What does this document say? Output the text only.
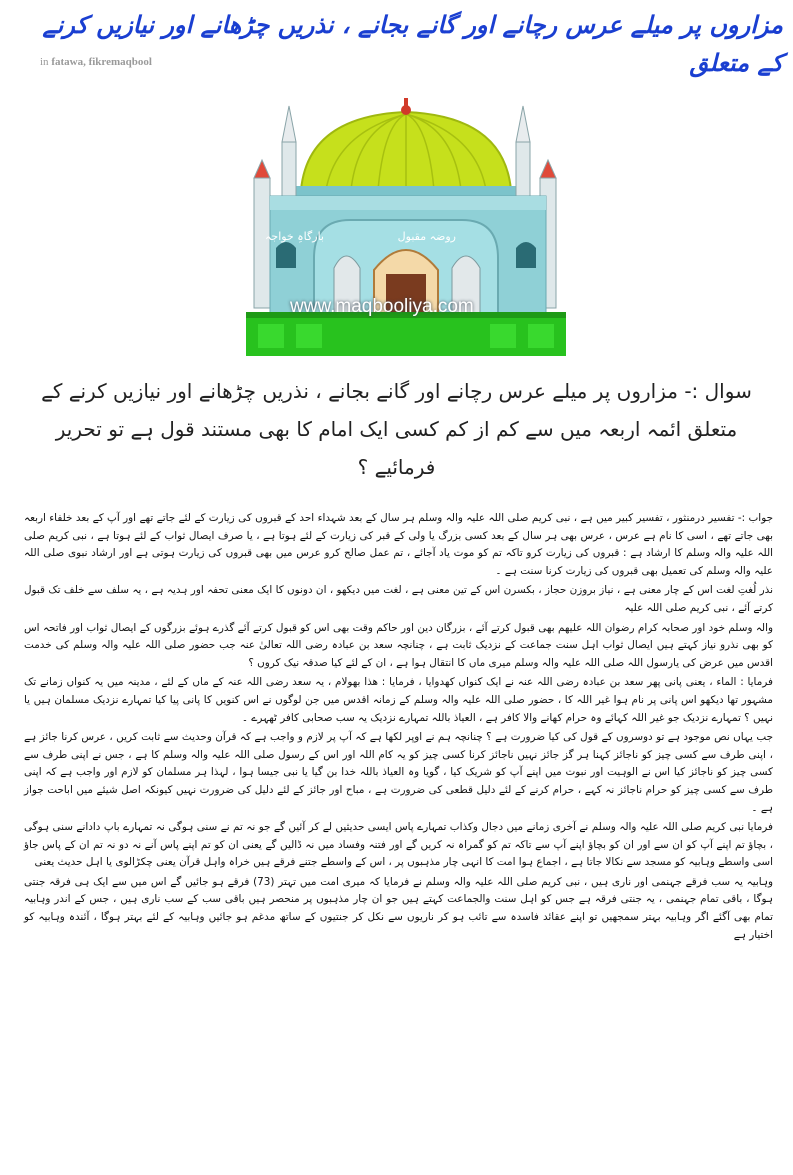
مزاروں پر میلے عرس رچانے اور گانے بجانے ، نذریں چڑھانے اور نیازیں کرنے کے متعلق
in fatawa, fikremaqbool
بارگاہِ خواجہ	روضہ مقبول
www.maqbooliya.com
سوال :- مزاروں پر میلے عرس رچانے اور گانے بجانے ، نذریں چڑھانے اور نیازیں کرنے کے متعلق ائمہ اربعہ میں سے کم از کم کسی ایک امام کا بھی مستند قول ہے تو تحریر فرمائیے ؟

جواب :- تفسیر درمنثور ، تفسیر کبیر میں ہے ، نبی کریم صلی اللہ علیہ والہ وسلم ہر سال کے بعد شہداء احد کے قبروں کی زیارت کے لئے جاتے تھے اور آپ کے بعد خلفاء اربعہ بھی جاتے تھے ، اسی کا نام ہے عرس ، عرس بھی ہر سال کے بعد کسی بزرگ یا ولی کے قبر کی زیارت کے لئے ہوتا ہے ، یا صرف ایصال ثواب کے لئے ہوتا ہے ، نبی کریم صلی اللہ علیہ والہ وسلم کا ارشاد ہے : قبروں کی زیارت کرو تاکہ تم کو موت یاد آجائے ، تم عمل صالح کرو عرس میں بھی قبروں کی زیارت ہوتی ہے اور ارشاد نبوی صلی اللہ علیہ والہ وسلم کی تعمیل بھی قبروں کی زیارت کرنا سنت ہے ۔

نذر لُغتِ لغت اس کے چار معنی ہے ، نیاز بروزن حجاز ، بکسرن اس کے تین معنی ہے ، لغت میں دیکھو ، ان دونوں کا ایک معنی تحفہ اور ہدیہ ہے ، یہ سلف سے خلف تک قبول کرتے آئے ، نبی کریم صلی اللہ علیہ

والہ وسلم خود اور صحابہ کرام رضوان اللہ علیھم بھی قبول کرتے آئے ، بزرگان دین اور حاکم وقت بھی اس کو قبول کرتے آئے گذرے ہوئے بزرگوں کے ایصال ثواب اور فاتحہ اس کو بھی نذرو نیاز کہتے ہیں ایصال ثواب اہل سنت جماعت کے نزدیک ثابت ہے ، چنانچہ سعد بن عبادہ رضی اللہ تعالیٰ عنہ جب حضور صلی اللہ علیہ والہ وسلم کی خدمت اقدس میں عرض کی یارسول اللہ صلی اللہ علیہ والہ وسلم میری ماں کا انتقال ہوا ہے ، ان کے لئے کیا صدقہ نیک کروں ؟

فرمایا : الماء ، یعنی پانی پھر سعد بن عبادہ رضی اللہ عنہ نے ایک کنواں کھدوایا ، فرمایا : ھذا بھولام ، یہ سعد رضی اللہ عنہ کے ماں کے لئے ، مدینہ میں یہ کنواں زمانے تک مشہور تھا دیکھو اس پانی پر نام ہوا غیر اللہ کا ، حضور صلی اللہ علیہ والہ وسلم کے زمانہ اقدس میں جن لوگوں نے اس کنویں کا پانی پیا کیا تمہارے نزدیک مسلمان ہیں یا نہیں ؟ تمہارے نزدیک جو غیر اللہ کہائے وہ حرام کھانے والا کافر ہے ، العیاذ باللہ تمہارے نزدیک یہ سب صحابی کافر ٹھہرے ۔

جب یہاں نص موجود ہے تو دوسروں کے قول کی کیا ضرورت ہے ؟ چنانچہ ہم نے اوپر لکھا ہے کہ آپ پر لازم و واجب ہے کہ قرآن وحدیث سے ثابت کریں ، عرس کرنا جائز ہے ، اپنی طرف سے کسی چیز کو ناجائز کہنا ہر گز جائز نہیں ناجائز کرنا کسی چیز کو یہ کام اللہ اور اس کے رسول صلی اللہ علیہ والہ وسلم کا ہے ، جس نے اپنی طرف سے کسی چیز کو ناجائز کیا اس نے الوہیت اور نبوت میں اپنے آپ کو شریک کیا ، گویا وہ العیاذ باللہ خدا بن گیا یا نبی جیسا ہوا ، لہذا ہر مسلمان کو لازم اور واجب ہے کہ اپنی طرف سے کسی چیز کو حرام ناجائز نہ کہے ، حرام کرنے کے لئے دلیل قطعی کی ضرورت ہے ، مباح اور جائز کے لئے دلیل کی ضرورت نہیں کیونکہ اصل شیئے میں اباحت جواز ہے ۔

فرمایا نبی کریم صلی اللہ علیہ والہ وسلم نے آخری زمانے میں دجال وکذاب تمہارے پاس ایسی حدیثیں لے کر آئیں گے جو نہ تم نے سنی ہوگی نہ تمہارے باپ دادانے سنی ہوگی ، بچاؤ تم اپنے آپ کو ان سے اور ان کو بچاؤ اپنے آپ سے تاکہ تم کو گمراہ نہ کریں گے اور فتنہ وفساد میں نہ ڈالیں گے یعنی ان کو تم اپنے پاس آنے نہ دو نہ تم ان کے پاس جاؤ اسی واسطے وہابیہ کو مسجد سے نکالا جاتا ہے ، اجماع ہوا امت کا انہی چار مذہبوں پر ، اس کے واسطے جتنے فرقے ہیں خراہ واہل قرآن یعنی چکڑالوی یا اہل حدیث یعنی

وہابیہ یہ سب فرقے جہنمی اور ناری ہیں ، نبی کریم صلی اللہ علیہ والہ وسلم نے فرمایا کہ میری امت میں تہتر (73) فرقے ہو جائیں گے اس میں سے ایک ہی فرقہ جنتی ہوگا ، باقی تمام جہنمی ، یہ جنتی فرقہ ہے جس کو اہل سنت والجماعت کہتے ہیں جو ان چار مذہبوں پر منحصر ہیں باقی سب کے سب ناری ہیں ، جس کے اندر وہابیہ تمام بھی آگئے اگر وہابیہ بہتر سمجھیں تو اپنے عقائد فاسدہ سے تائب ہو کر ناریوں سے نکل کر جنتیوں کے ساتھ مدغم ہو جائیں وہابیہ کے لئے بہتر ہوگا ، آئندہ وہابیہ کو اختیار ہے
